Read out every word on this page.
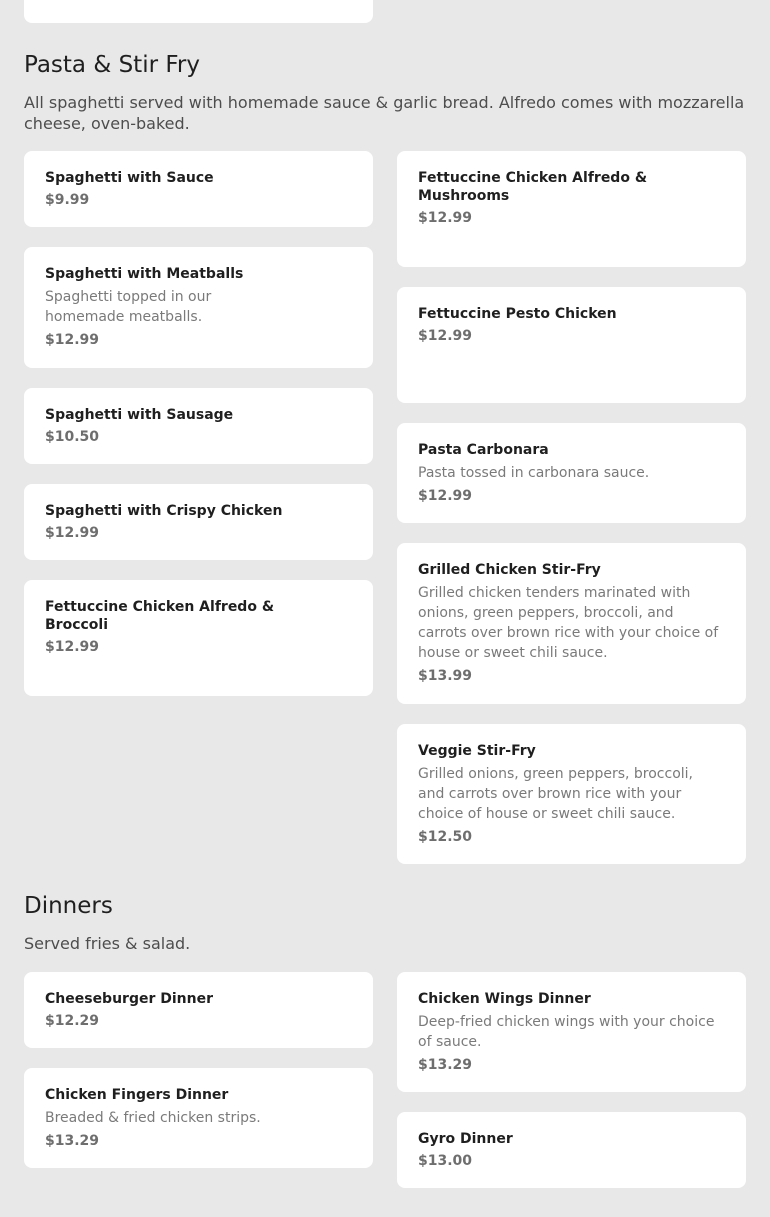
Pasta & Stir Fry

All spaghetti served with homemade sauce & garlic bread. Alfredo comes with mozzarella cheese, oven-baked.

Spaghetti with Sauce

$9.99

Spaghetti with Meatballs

Spaghetti topped in our homemade meatballs.

$12.99

Spaghetti with Sausage

$10.50

Spaghetti with Crispy Chicken

$12.99

Fettuccine Chicken Alfredo & Broccoli

$12.99

Fettuccine Chicken Alfredo & Mushrooms

$12.99

Fettuccine Pesto Chicken

$12.99

Pasta Carbonara

Pasta tossed in carbonara sauce.

$12.99

Grilled Chicken Stir-Fry

Grilled chicken tenders marinated with onions, green peppers, broccoli, and carrots over brown rice with your choice of house or sweet chili sauce.

$13.99

Veggie Stir-Fry

Grilled onions, green peppers, broccoli, and carrots over brown rice with your choice of house or sweet chili sauce.

$12.50

Dinners

Served fries & salad.

Cheeseburger Dinner

$12.29

Chicken Fingers Dinner

Breaded & fried chicken strips.

$13.29

Chicken Wings Dinner

Deep-fried chicken wings with your choice of sauce.

$13.29

Gyro Dinner

$13.00
